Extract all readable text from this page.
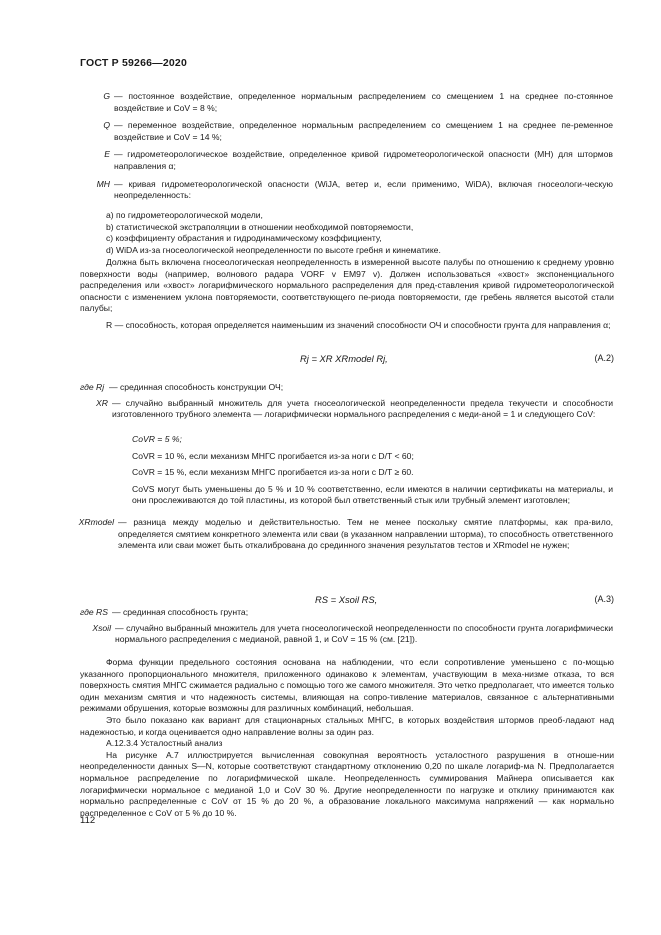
ГОСТ Р 59266—2020
G — постоянное воздействие, определенное нормальным распределением со смещением 1 на среднее по-стоянное воздействие и CoV = 8 %;
Q — переменное воздействие, определенное нормальным распределением со смещением 1 на среднее пе-ременное воздействие и CoV = 14 %;
E — гидрометеорологическое воздействие, определенное кривой гидрометеорологической опасности (МН) для штормов направления α;
MH — кривая гидрометеорологической опасности (WiJA, ветер и, если применимо, WiDA), включая гносеологи-ческую неопределенность:
a) по гидрометеорологической модели,
b) статистической экстраполяции в отношении необходимой повторяемости,
c) коэффициенту обрастания и гидродинамическому коэффициенту,
d) WiDA из-за гносеологической неопределенности по высоте гребня и кинематике.

Должна быть включена гносеологическая неопределенность в измеренной высоте палубы по отношению к среднему уровню поверхности воды (например, волнового радара VORF v EM97 v). Должен использоваться «хвост» экспоненциального распределения или «хвост» логарифмического нормального распределения для пред-ставления кривой гидрометеорологической опасности с изменением уклона повторяемости, соответствующего пе-риода повторяемости, где гребень является высотой стали палубы;

R — способность, которая определяется наименьшим из значений способности ОЧ и способности грунта для направления α;

Rj = XR XRmodel Rj,	(A.2)
где Rj — срединная способность конструкции ОЧ;
XR — случайно выбранный множитель для учета гносеологической неопределенности предела текучести и способности изготовленного трубного элемента — логарифмически нормального распределения с меди-аной = 1 и следующего CoV:
CoVR = 5 %;
CoVR = 10 %, если механизм МНГС прогибается из-за ноги с D/T < 60;
CoVR = 15 %, если механизм МНГС прогибается из-за ноги с D/T ≥ 60.
CoVS могут быть уменьшены до 5 % и 10 % соответственно, если имеются в наличии сертификаты на материалы, и они прослеживаются до той пластины, из которой был ответственный стык или трубный элемент изготовлен;
XRmodel — разница между моделью и действительностью. Тем не менее поскольку смятие платформы, как пра-вило, определяется смятием конкретного элемента или сваи (в указанном направлении шторма), то способность ответственного элемента или сваи может быть откалибрована до срединного значения результатов тестов и XRmodel не нужен;
RS = Xsoil RS,	(A.3)
где RS — срединная способность грунта;
Xsoil — случайно выбранный множитель для учета гносеологической неопределенности по способности грунта логарифмически нормального распределения с медианой, равной 1, и CoV = 15 % (см. [21]).

Форма функции предельного состояния основана на наблюдении, что если сопротивление уменьшено с по-мощью указанного пропорционального множителя, приложенного одинаково к элементам, участвующим в меха-низме отказа, то вся поверхность смятия МНГС сжимается радиально с помощью того же самого множителя. Это четко предполагает, что имеется только один механизм смятия и что надежность системы, влияющая на сопро-тивление материалов, связанное с альтернативными режимами обрушения, которые возможны для различных комбинаций, небольшая.

Это было показано как вариант для стационарных стальных МНГС, в которых воздействия штормов преоб-ладают над надежностью, и когда оценивается одно направление волны за один раз.

A.12.3.4 Усталостный анализ

На рисунке А.7 иллюстрируется вычисленная совокупная вероятность усталостного разрушения в отноше-нии неопределенности данных S—N, которые соответствуют стандартному отклонению 0,20 по шкале логариф-ма N. Предполагается нормальное распределение по логарифмической шкале. Неопределенность суммирования Майнера описывается как логарифмически нормальное с медианой 1,0 и CoV 30 %. Другие неопределенности по нагрузке и отклику принимаются как нормально распределенные с CoV от 15 % до 20 %, а образование локального максимума напряжений — как нормально распределенное с CoV от 5 % до 10 %.

112
